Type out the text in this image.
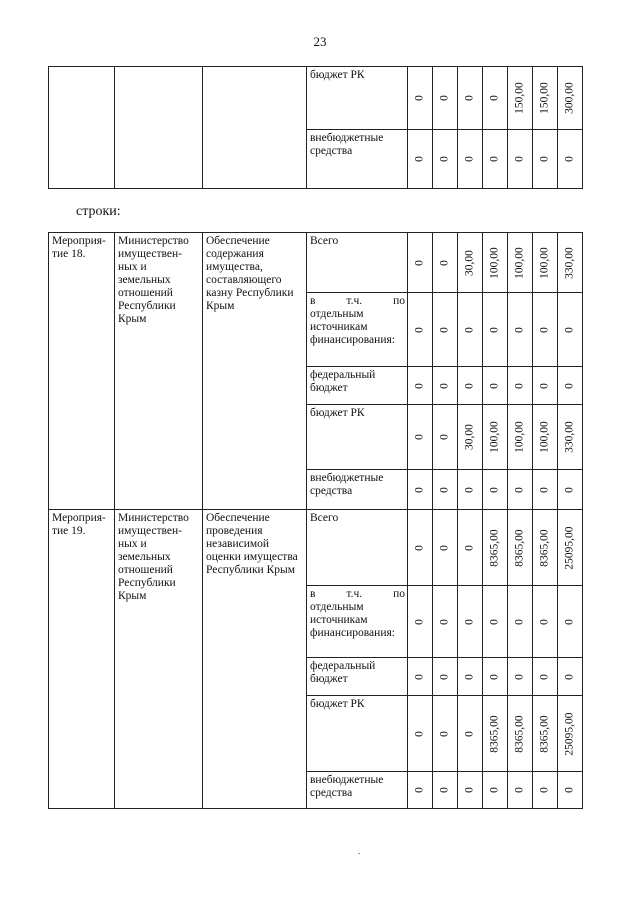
23
			бюджет РК	0	0	0	0	150,00	150,00	300,00

			внебюджетные средства	0	0	0	0	0	0	0
строки:
Мероприя-тие 18.	Министерство имуществен-ных и земельных отношений Республики Крым	Обеспечение содержания имущества, составляющего казну Республики Крым	Всего	0	0	30,00	100,00	100,00	100,00	330,00

			в т.ч. по
отдельным источникам финансирования:	0	0	0	0	0	0	0

			федеральный бюджет	0	0	0	0	0	0	0

			бюджет РК	0	0	30,00	100,00	100,00	100,00	330,00

			внебюджетные средства	0	0	0	0	0	0	0

Мероприя-тие 19.	Министерство имуществен-ных и земельных отношений Республики Крым	Обеспечение проведения независимой оценки имущества Республики Крым	Всего	0	0	0	8365,00	8365,00	8365,00	25095,00

			в т.ч. по
отдельным источникам финансирования:	0	0	0	0	0	0	0

			федеральный бюджет	0	0	0	0	0	0	0

			бюджет РК	0	0	0	8365,00	8365,00	8365,00	25095,00

			внебюджетные средства	0	0	0	0	0	0	0
